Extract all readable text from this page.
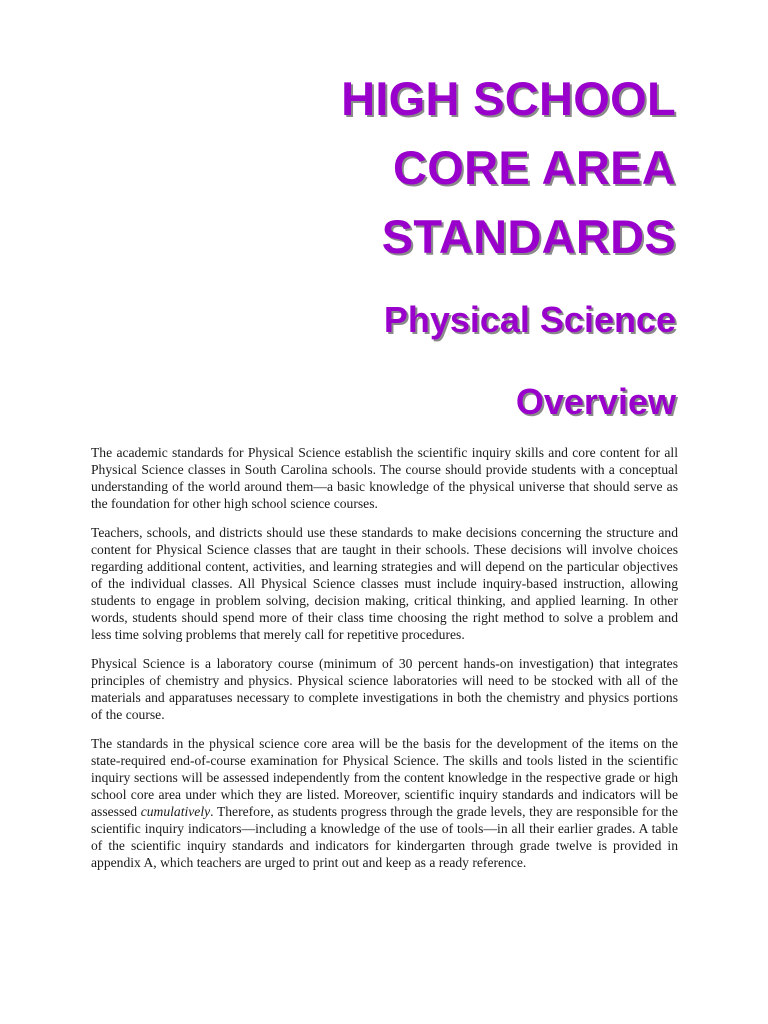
HIGH SCHOOL
CORE AREA
STANDARDS
Physical Science
Overview

The academic standards for Physical Science establish the scientific inquiry skills and core content for all Physical Science classes in South Carolina schools. The course should provide students with a conceptual understanding of the world around them—a basic knowledge of the physical universe that should serve as the foundation for other high school science courses.

Teachers, schools, and districts should use these standards to make decisions concerning the structure and content for Physical Science classes that are taught in their schools. These decisions will involve choices regarding additional content, activities, and learning strategies and will depend on the particular objectives of the individual classes. All Physical Science classes must include inquiry-based instruction, allowing students to engage in problem solving, decision making, critical thinking, and applied learning. In other words, students should spend more of their class time choosing the right method to solve a problem and less time solving problems that merely call for repetitive procedures.

Physical Science is a laboratory course (minimum of 30 percent hands-on investigation) that integrates principles of chemistry and physics. Physical science laboratories will need to be stocked with all of the materials and apparatuses necessary to complete investigations in both the chemistry and physics portions of the course.

The standards in the physical science core area will be the basis for the development of the items on the state-required end-of-course examination for Physical Science. The skills and tools listed in the scientific inquiry sections will be assessed independently from the content knowledge in the respective grade or high school core area under which they are listed. Moreover, scientific inquiry standards and indicators will be assessed cumulatively. Therefore, as students progress through the grade levels, they are responsible for the scientific inquiry indicators—including a knowledge of the use of tools—in all their earlier grades. A table of the scientific inquiry standards and indicators for kindergarten through grade twelve is provided in appendix A, which teachers are urged to print out and keep as a ready reference.
